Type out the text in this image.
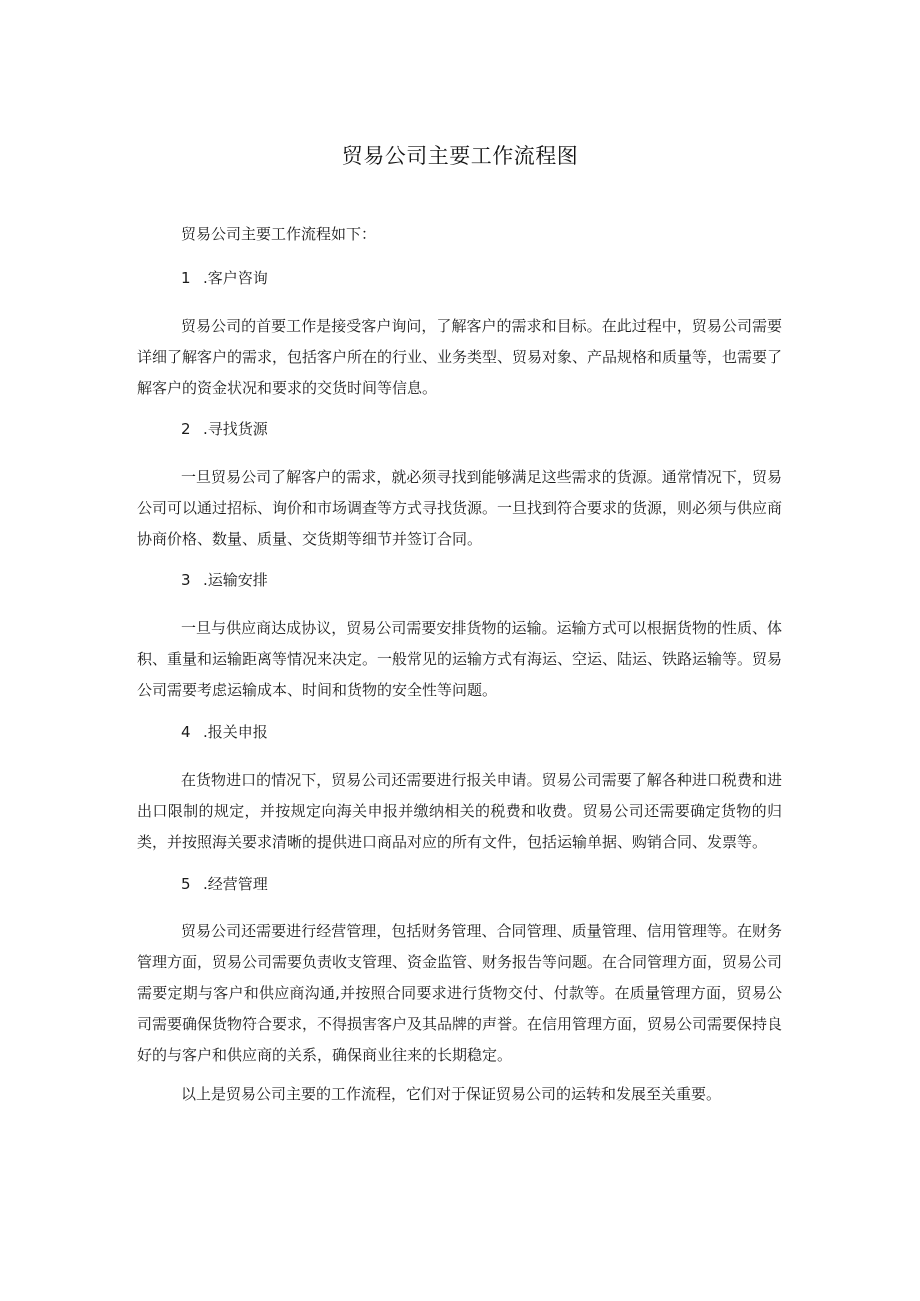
贸易公司主要工作流程图

贸易公司主要工作流程如下：

1 .客户咨询

贸易公司的首要工作是接受客户询问，了解客户的需求和目标。在此过程中，贸易公司需要详细了解客户的需求，包括客户所在的行业、业务类型、贸易对象、产品规格和质量等，也需要了解客户的资金状况和要求的交货时间等信息。

2 .寻找货源

一旦贸易公司了解客户的需求，就必须寻找到能够满足这些需求的货源。通常情况下，贸易公司可以通过招标、询价和市场调查等方式寻找货源。一旦找到符合要求的货源，则必须与供应商协商价格、数量、质量、交货期等细节并签订合同。

3 .运输安排

一旦与供应商达成协议，贸易公司需要安排货物的运输。运输方式可以根据货物的性质、体积、重量和运输距离等情况来决定。一般常见的运输方式有海运、空运、陆运、铁路运输等。贸易公司需要考虑运输成本、时间和货物的安全性等问题。

4 .报关申报

在货物进口的情况下，贸易公司还需要进行报关申请。贸易公司需要了解各种进口税费和进出口限制的规定，并按规定向海关申报并缴纳相关的税费和收费。贸易公司还需要确定货物的归类，并按照海关要求清晰的提供进口商品对应的所有文件，包括运输单据、购销合同、发票等。

5 .经营管理

贸易公司还需要进行经营管理，包括财务管理、合同管理、质量管理、信用管理等。在财务管理方面，贸易公司需要负责收支管理、资金监管、财务报告等问题。在合同管理方面，贸易公司需要定期与客户和供应商沟通,并按照合同要求进行货物交付、付款等。在质量管理方面，贸易公司需要确保货物符合要求，不得损害客户及其品牌的声誉。在信用管理方面，贸易公司需要保持良好的与客户和供应商的关系，确保商业往来的长期稳定。

以上是贸易公司主要的工作流程，它们对于保证贸易公司的运转和发展至关重要。
